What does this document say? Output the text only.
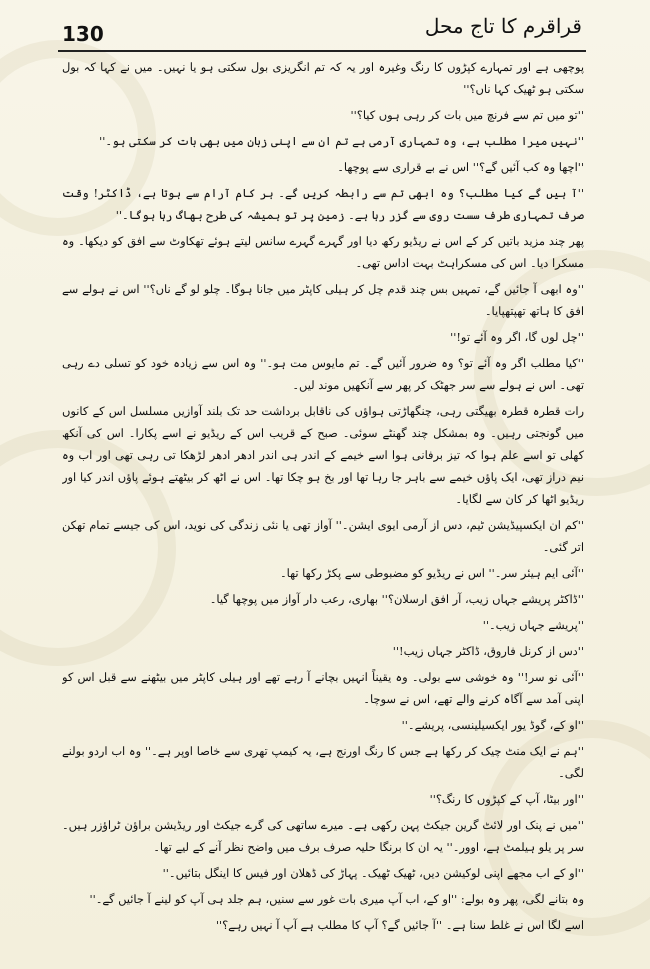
130	قراقرم کا تاج محل

پوچھی ہے اور تمہارے کپڑوں کا رنگ وغیرہ اور یہ کہ تم انگریزی بول سکتی ہو یا نہیں۔ میں نے کہا کہ بول سکتی ہو ٹھیک کہا ناں؟''

''تو میں تم سے فرنچ میں بات کر رہی ہوں کیا؟''

''نہیں میرا مطلب ہے، وہ تمہاری آرمی ہے تم ان سے اپنی زبان میں بھی بات کر سکتی ہو۔''

''اچھا وہ کب آئیں گے؟'' اس نے بے قراری سے پوچھا۔

''آ ہیں گے کیا مطلب؟ وہ ابھی تم سے رابطہ کریں گے۔ ہر کام آرام سے ہوتا ہے، ڈاکٹر! وقت صرف تمہاری طرف سست روی سے گزر رہا ہے۔ زمین پر تو ہمیشہ کی طرح بھاگ رہا ہوگا۔''

پھر چند مزید باتیں کر کے اس نے ریڈیو رکھ دیا اور گہرے گہرے سانس لیتے ہوئے تھکاوٹ سے افق کو دیکھا۔ وہ مسکرا دیا۔ اس کی مسکراہٹ بہت اداس تھی۔

''وہ ابھی آ جائیں گے، تمہیں بس چند قدم چل کر ہیلی کاپٹر میں جانا ہوگا۔ چلو لو گے ناں؟'' اس نے ہولے سے افق کا ہاتھ تھپتھپایا۔

''چل لوں گا، اگر وہ آئے تو!''

''کیا مطلب اگر وہ آئے تو؟ وہ ضرور آئیں گے۔ تم مایوس مت ہو۔'' وہ اس سے زیادہ خود کو تسلی دے رہی تھی۔ اس نے ہولے سے سر جھٹک کر پھر سے آنکھیں موند لیں۔

رات قطرہ قطرہ بھیگتی رہی، چنگھاڑتی ہواؤں کی ناقابل برداشت حد تک بلند آوازیں مسلسل اس کے کانوں میں گونجتی رہیں۔ وہ بمشکل چند گھنٹے سوئی۔ صبح کے قریب اس کے ریڈیو نے اسے پکارا۔ اس کی آنکھ کھلی تو اسے علم ہوا کہ تیز برفانی ہوا اسے خیمے کے اندر ہی اندر ادھر ادھر لڑھکا تی رہی تھی اور اب وہ نیم دراز تھی، ایک پاؤں خیمے سے باہر جا رہا تھا اور بخ ہو چکا تھا۔ اس نے اٹھ کر بیٹھتے ہوئے پاؤں اندر کیا اور ریڈیو اٹھا کر کان سے لگایا۔

''کم ان ایکسپیڈیشن ٹیم، دس از آرمی ایوی ایشن۔'' آواز تھی یا نئی زندگی کی نوید، اس کی جیسے تمام تھکن اتر گئی۔

''آئی ایم ہیئر سر۔'' اس نے ریڈیو کو مضبوطی سے پکڑ رکھا تھا۔

''ڈاکٹر پریشے جہاں زیب، آر افق ارسلان؟'' بھاری، رعب دار آواز میں پوچھا گیا۔

''پریشے جہاں زیب۔''

''دس از کرنل فاروق، ڈاکٹر جہاں زیب!''

''آئی نو سر!'' وہ خوشی سے بولی۔ وہ یقیناً انہیں بچانے آ رہے تھے اور ہیلی کاپٹر میں بیٹھنے سے قبل اس کو اپنی آمد سے آگاہ کرنے والے تھے، اس نے سوچا۔

''او کے، گوڈ یور ایکسیلینسی، پریشے۔''

''ہم نے ایک منٹ چیک کر رکھا ہے جس کا رنگ اورنج ہے، یہ کیمپ تھری سے خاصا اوپر ہے۔'' وہ اب اردو بولنے لگی۔

''اور بیٹا، آپ کے کپڑوں کا رنگ؟''

''میں نے پنک اور لائٹ گرین جیکٹ پہن رکھی ہے۔ میرے ساتھی کی گرے جیکٹ اور ریڈیشن براؤن ٹراؤزر ہیں۔ سر پر یلو ہیلمٹ ہے، اوور۔'' یہ ان کا برنگا حلیہ صرف برف میں واضح نظر آنے کے لیے تھا۔

''او کے اب مجھے اپنی لوکیشن دیں، ٹھیک ٹھیک۔ پہاڑ کی ڈھلان اور فیس کا اینگل بتائیں۔''

وہ بتانے لگی، پھر وہ بولے: ''او کے، اب آپ میری بات غور سے سنیں، ہم جلد ہی آپ کو لینے آ جائیں گے۔''

اسے لگا اس نے غلط سنا ہے۔ ''آ جائیں گے؟ آپ کا مطلب ہے آپ آ نہیں رہے؟''
